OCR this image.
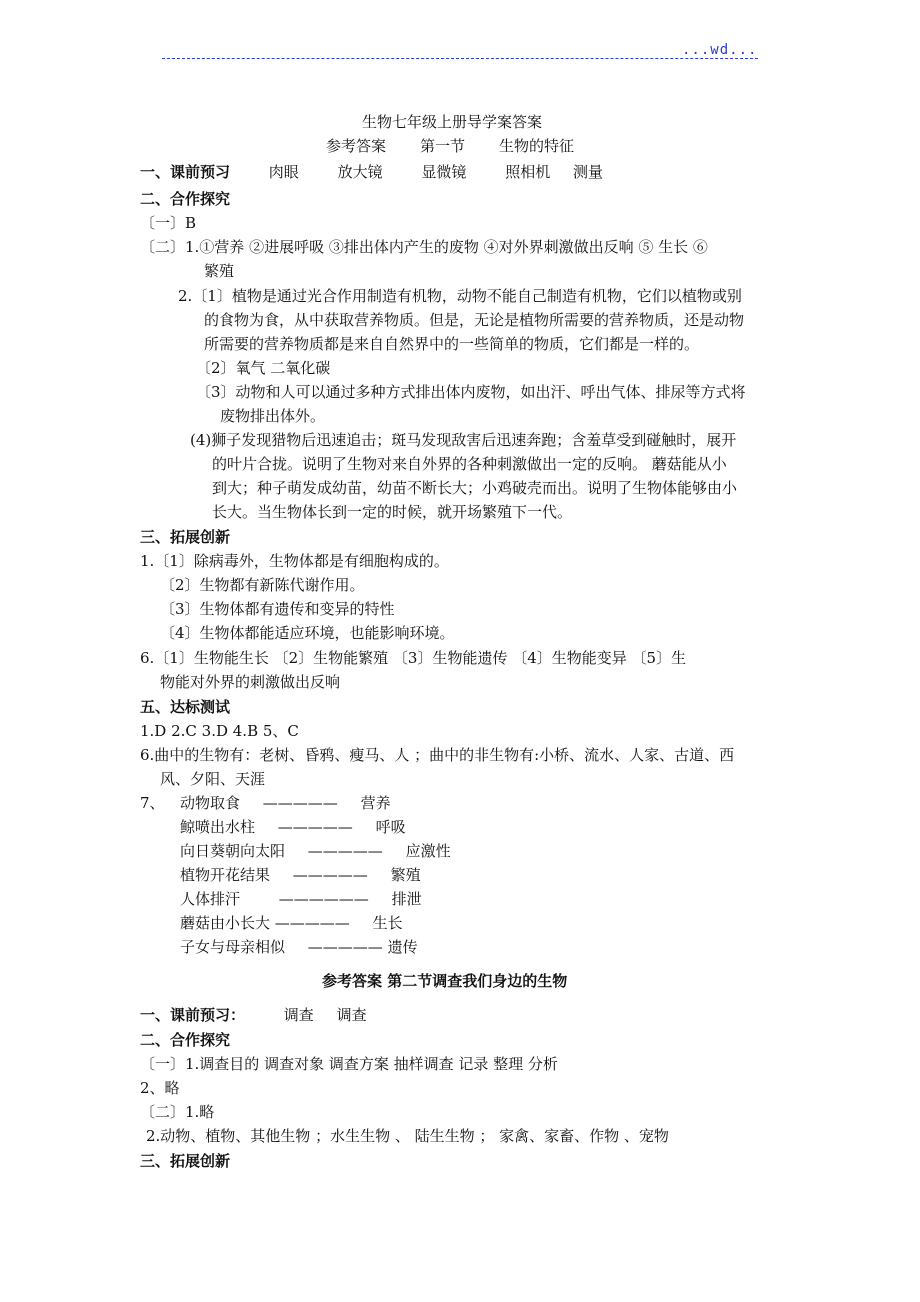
...wd...
生物七年级上册导学案答案
参考答案 第一节 生物的特征
一、课前预习	肉眼	放大镜	显微镜	照相机 测量
二、合作探究
〔一〕B
〔二〕1.①营养 ②进展呼吸 ③排出体内产生的废物 ④对外界刺激做出反响 ⑤ 生长 ⑥
繁殖
2.〔1〕植物是通过光合作用制造有机物，动物不能自己制造有机物，它们以植物或别
的食物为食，从中获取营养物质。但是，无论是植物所需要的营养物质，还是动物
所需要的营养物质都是来自自然界中的一些简单的物质，它们都是一样的。
〔2〕氧气 二氧化碳
〔3〕动物和人可以通过多种方式排出体内废物，如出汗、呼出气体、排尿等方式将
废物排出体外。
(4)狮子发现猎物后迅速追击；斑马发现敌害后迅速奔跑；含羞草受到碰触时，展开
的叶片合拢。说明了生物对来自外界的各种刺激做出一定的反响。 蘑菇能从小
到大；种子萌发成幼苗，幼苗不断长大；小鸡破壳而出。说明了生物体能够由小
长大。当生物体长到一定的时候，就开场繁殖下一代。
三、拓展创新
1.〔1〕除病毒外，生物体都是有细胞构成的。
〔2〕生物都有新陈代谢作用。
〔3〕生物体都有遗传和变异的特性
〔4〕生物体都能适应环境，也能影响环境。
6.〔1〕生物能生长 〔2〕生物能繁殖 〔3〕生物能遗传 〔4〕生物能变异 〔5〕生
物能对外界的刺激做出反响
五、达标测试
1.D 2.C 3.D 4.B 5、C
6.曲中的生物有：老树、昏鸦、瘦马、人 ；曲中的非生物有:小桥、流水、人家、古道、西
风、夕阳、天涯
7、 动物取食 ————— 营养
鲸喷出水柱 ————— 呼吸
向日葵朝向太阳 ————— 应激性
植物开花结果 ————— 繁殖
人体排汗	—————— 排泄
蘑菇由小长大 ————— 生长
子女与母亲相似 ————— 遗传
参考答案 第二节调查我们身边的生物
一、课前预习：	调查 调查
二、合作探究
〔一〕1.调查目的 调查对象 调查方案 抽样调查 记录 整理 分析
2、略
〔二〕1.略
2.动物、植物、其他生物 ；水生生物 、 陆生生物 ； 家禽、家畜、作物 、宠物
三、拓展创新
